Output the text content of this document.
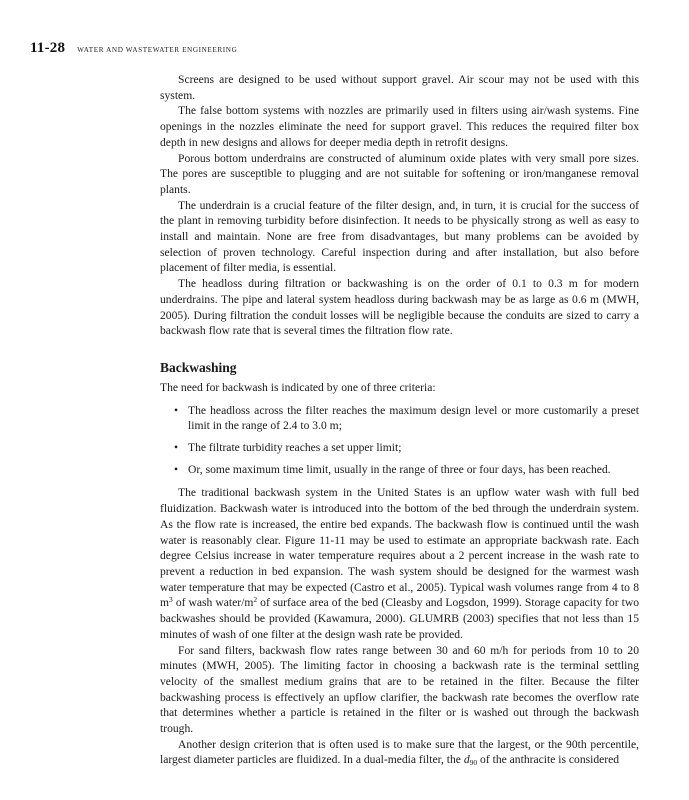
11-28 WATER AND WASTEWATER ENGINEERING

Screens are designed to be used without support gravel. Air scour may not be used with this system.

The false bottom systems with nozzles are primarily used in filters using air/wash systems. Fine openings in the nozzles eliminate the need for support gravel. This reduces the required filter box depth in new designs and allows for deeper media depth in retrofit designs.

Porous bottom underdrains are constructed of aluminum oxide plates with very small pore sizes. The pores are susceptible to plugging and are not suitable for softening or iron/manganese removal plants.

The underdrain is a crucial feature of the filter design, and, in turn, it is crucial for the success of the plant in removing turbidity before disinfection. It needs to be physically strong as well as easy to install and maintain. None are free from disadvantages, but many problems can be avoided by selection of proven technology. Careful inspection during and after installation, but also before placement of filter media, is essential.

The headloss during filtration or backwashing is on the order of 0.1 to 0.3 m for modern underdrains. The pipe and lateral system headloss during backwash may be as large as 0.6 m (MWH, 2005). During filtration the conduit losses will be negligible because the conduits are sized to carry a backwash flow rate that is several times the filtration flow rate.

Backwashing

The need for backwash is indicated by one of three criteria:

• The headloss across the filter reaches the maximum design level or more customarily a preset limit in the range of 2.4 to 3.0 m;
• The filtrate turbidity reaches a set upper limit;
• Or, some maximum time limit, usually in the range of three or four days, has been reached.

The traditional backwash system in the United States is an upflow water wash with full bed fluidization. Backwash water is introduced into the bottom of the bed through the underdrain system. As the flow rate is increased, the entire bed expands. The backwash flow is continued until the wash water is reasonably clear. Figure 11-11 may be used to estimate an appropriate backwash rate. Each degree Celsius increase in water temperature requires about a 2 percent increase in the wash rate to prevent a reduction in bed expansion. The wash system should be designed for the warmest wash water temperature that may be expected (Castro et al., 2005). Typical wash volumes range from 4 to 8 $m^3$ of wash water/$m^2$ of surface area of the bed (Cleasby and Logsdon, 1999). Storage capacity for two backwashes should be provided (Kawamura, 2000). GLUMRB (2003) specifies that not less than 15 minutes of wash of one filter at the design wash rate be provided.

For sand filters, backwash flow rates range between 30 and 60 m/h for periods from 10 to 20 minutes (MWH, 2005). The limiting factor in choosing a backwash rate is the terminal settling velocity of the smallest medium grains that are to be retained in the filter. Because the filter backwashing process is effectively an upflow clarifier, the backwash rate becomes the overflow rate that determines whether a particle is retained in the filter or is washed out through the backwash trough.

Another design criterion that is often used is to make sure that the largest, or the 90th percentile, largest diameter particles are fluidized. In a dual-media filter, the $d_{90}$ of the anthracite is considered
